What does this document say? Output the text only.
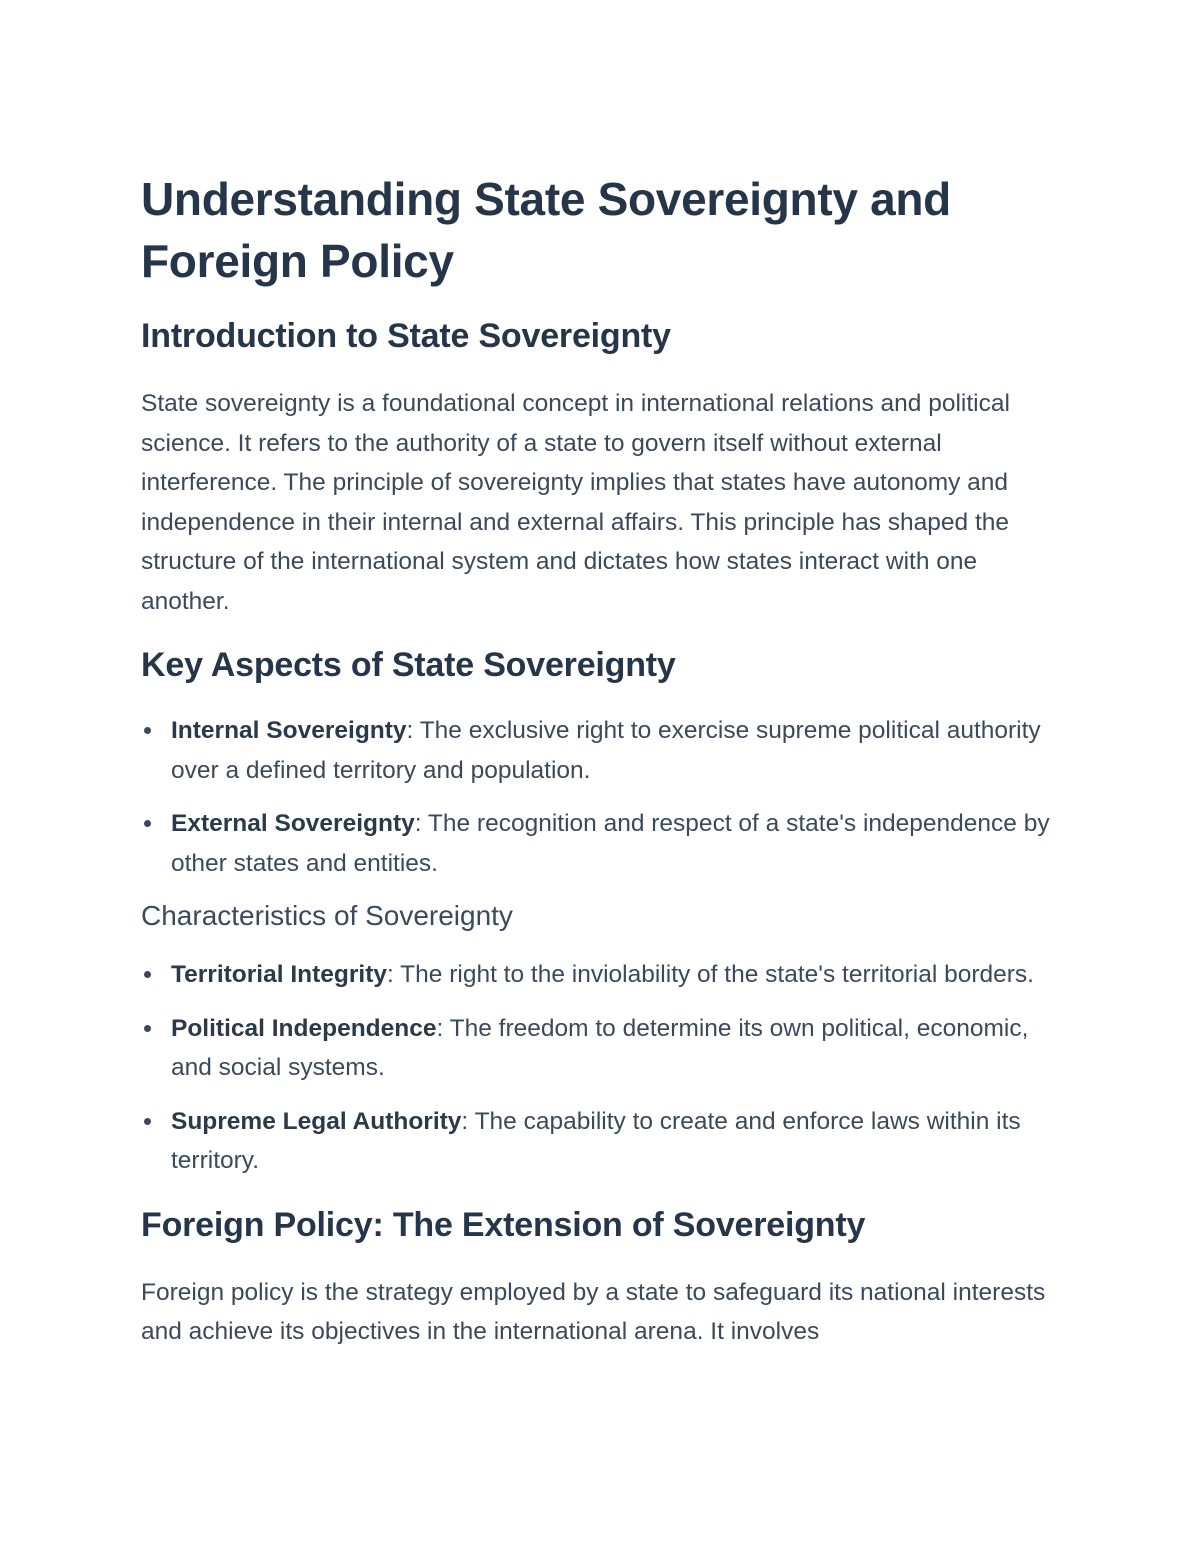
Understanding State Sovereignty and Foreign Policy
Introduction to State Sovereignty

State sovereignty is a foundational concept in international relations and political science. It refers to the authority of a state to govern itself without external interference. The principle of sovereignty implies that states have autonomy and independence in their internal and external affairs. This principle has shaped the structure of the international system and dictates how states interact with one another.

Key Aspects of State Sovereignty
Internal Sovereignty: The exclusive right to exercise supreme political authority over a defined territory and population.
External Sovereignty: The recognition and respect of a state's independence by other states and entities.
Characteristics of Sovereignty
Territorial Integrity: The right to the inviolability of the state's territorial borders.
Political Independence: The freedom to determine its own political, economic, and social systems.
Supreme Legal Authority: The capability to create and enforce laws within its territory.
Foreign Policy: The Extension of Sovereignty

Foreign policy is the strategy employed by a state to safeguard its national interests and achieve its objectives in the international arena. It involves
